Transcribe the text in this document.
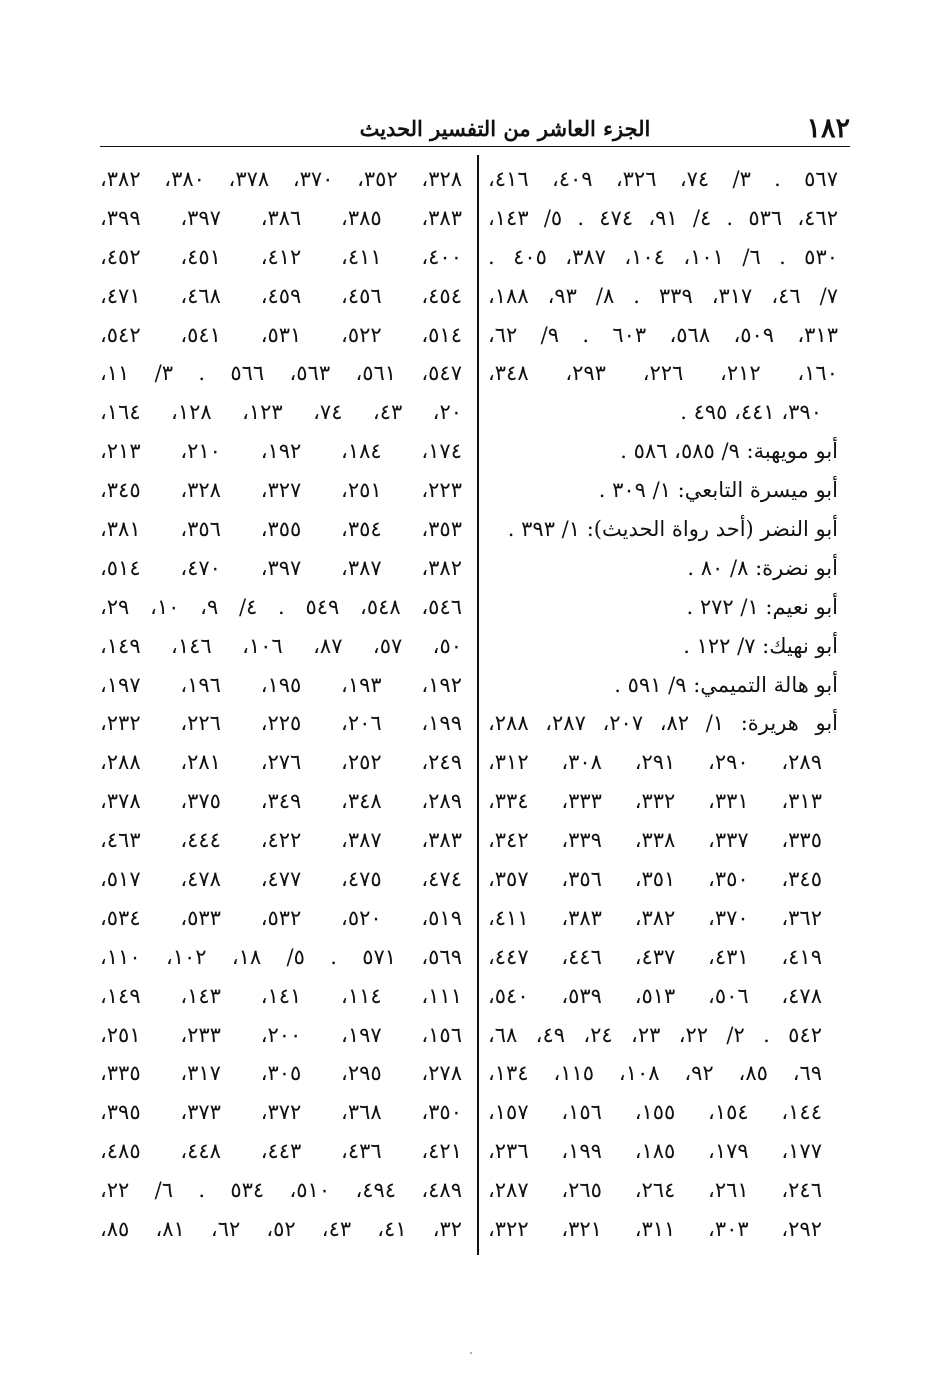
١٨٢
الجزء العاشر من التفسير الحديث
٥٦٧ . ٣/ ٧٤، ٣٢٦، ٤٠٩، ٤١٦،
٤٦٢، ٥٣٦ . ٤/ ٩١، ٤٧٤ . ٥/ ١٤٣،
٥٣٠ . ٦/ ١٠١، ١٠٤، ٣٨٧، ٤٠٥ .
٧/ ٤٦، ٣١٧، ٣٣٩ . ٨/ ٩٣، ١٨٨،
٣١٣، ٥٠٩، ٥٦٨، ٦٠٣ . ٩/ ٦٢،
١٦٠، ٢١٢، ٢٢٦، ٢٩٣، ٣٤٨،
٣٩٠، ٤٤١، ٤٩٥ .
أبو مويهبة: ٩/ ٥٨٥، ٥٨٦ .
أبو ميسرة التابعي: ١/ ٣٠٩ .
أبو النضر (أحد رواة الحديث): ١/ ٣٩٣ .
أبو نضرة: ٨/ ٨٠ .
أبو نعيم: ١/ ٢٧٢ .
أبو نهيك: ٧/ ١٢٢ .
أبو هالة التميمي: ٩/ ٥٩١ .
أبو هريرة: ١/ ٨٢، ٢٠٧، ٢٨٧، ٢٨٨،
٢٨٩، ٢٩٠، ٢٩١، ٣٠٨، ٣١٢،
٣١٣، ٣٣١، ٣٣٢، ٣٣٣، ٣٣٤،
٣٣٥، ٣٣٧، ٣٣٨، ٣٣٩، ٣٤٢،
٣٤٥، ٣٥٠، ٣٥١، ٣٥٦، ٣٥٧،
٣٦٢، ٣٧٠، ٣٨٢، ٣٨٣، ٤١١،
٤١٩، ٤٣١، ٤٣٧، ٤٤٦، ٤٤٧،
٤٧٨، ٥٠٦، ٥١٣، ٥٣٩، ٥٤٠،
٥٤٢ . ٢/ ٢٢، ٢٣، ٢٤، ٤٩، ٦٨،
٦٩، ٨٥، ٩٢، ١٠٨، ١١٥، ١٣٤،
١٤٤، ١٥٤، ١٥٥، ١٥٦، ١٥٧،
١٧٧، ١٧٩، ١٨٥، ١٩٩، ٢٣٦،
٢٤٦، ٢٦١، ٢٦٤، ٢٦٥، ٢٨٧،
٢٩٢، ٣٠٣، ٣١١، ٣٢١، ٣٢٢،
٣٢٨، ٣٥٢، ٣٧٠، ٣٧٨، ٣٨٠، ٣٨٢،
٣٨٣، ٣٨٥، ٣٨٦، ٣٩٧، ٣٩٩،
٤٠٠، ٤١١، ٤١٢، ٤٥١، ٤٥٢،
٤٥٤، ٤٥٦، ٤٥٩، ٤٦٨، ٤٧١،
٥١٤، ٥٢٢، ٥٣١، ٥٤١، ٥٤٢،
٥٤٧، ٥٦١، ٥٦٣، ٥٦٦ . ٣/ ١١،
٢٠، ٤٣، ٧٤، ١٢٣، ١٢٨، ١٦٤،
١٧٤، ١٨٤، ١٩٢، ٢١٠، ٢١٣،
٢٢٣، ٢٥١، ٣٢٧، ٣٢٨، ٣٤٥،
٣٥٣، ٣٥٤، ٣٥٥، ٣٥٦، ٣٨١،
٣٨٢، ٣٨٧، ٣٩٧، ٤٧٠، ٥١٤،
٥٤٦، ٥٤٨، ٥٤٩ . ٤/ ٩، ١٠، ٢٩،
٥٠، ٥٧، ٨٧، ١٠٦، ١٤٦، ١٤٩،
١٩٢، ١٩٣، ١٩٥، ١٩٦، ١٩٧،
١٩٩، ٢٠٦، ٢٢٥، ٢٢٦، ٢٣٢،
٢٤٩، ٢٥٢، ٢٧٦، ٢٨١، ٢٨٨،
٢٨٩، ٣٤٨، ٣٤٩، ٣٧٥، ٣٧٨،
٣٨٣، ٣٨٧، ٤٢٢، ٤٤٤، ٤٦٣،
٤٧٤، ٤٧٥، ٤٧٧، ٤٧٨، ٥١٧،
٥١٩، ٥٢٠، ٥٣٢، ٥٣٣، ٥٣٤،
٥٦٩، ٥٧١ . ٥/ ١٨، ١٠٢، ١١٠،
١١١، ١١٤، ١٤١، ١٤٣، ١٤٩،
١٥٦، ١٩٧، ٢٠٠، ٢٣٣، ٢٥١،
٢٧٨، ٢٩٥، ٣٠٥، ٣١٧، ٣٣٥،
٣٥٠، ٣٦٨، ٣٧٢، ٣٧٣، ٣٩٥،
٤٢١، ٤٣٦، ٤٤٣، ٤٤٨، ٤٨٥،
٤٨٩، ٤٩٤، ٥١٠، ٥٣٤ . ٦/ ٢٢،
٣٢، ٤١، ٤٣، ٥٢، ٦٢، ٨١، ٨٥،
